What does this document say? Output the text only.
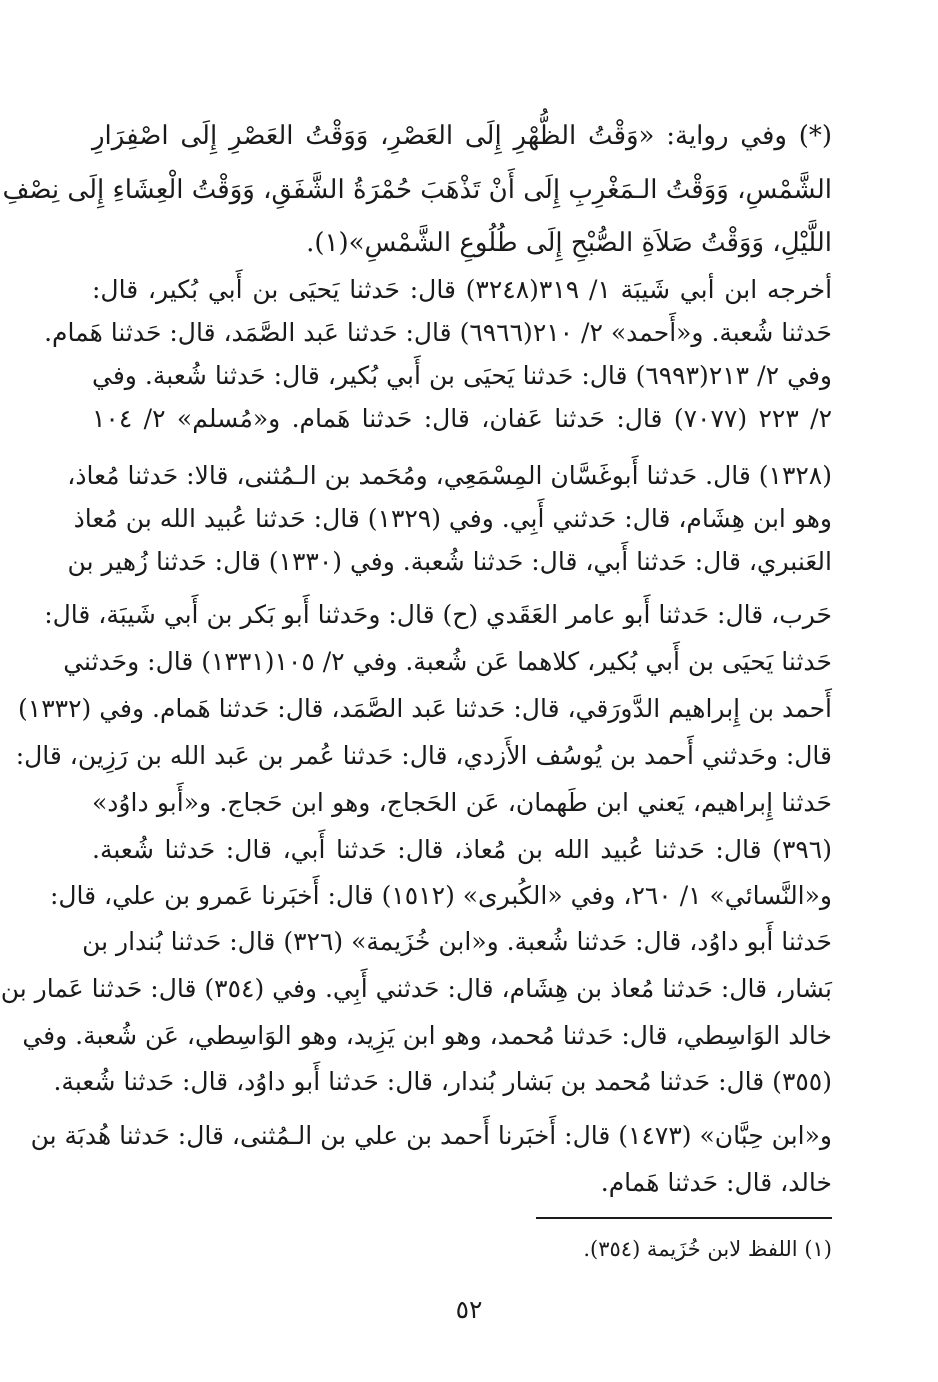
(*) وفي رواية: «وَقْتُ الظُّهْرِ إِلَى العَصْرِ، وَوَقْتُ العَصْرِ إِلَى اصْفِرَارِ
الشَّمْسِ، وَوَقْتُ الـمَغْرِبِ إِلَى أَنْ تَذْهَبَ حُمْرَةُ الشَّفَقِ، وَوَقْتُ الْعِشَاءِ إِلَى نِصْفِ
اللَّيْلِ، وَوَقْتُ صَلاَةِ الصُّبْحِ إِلَى طُلُوعِ الشَّمْسِ»(١).
أخرجه ابن أبي شَيبَة ١/ ٣١٩(٣٢٤٨) قال: حَدثنا يَحيَى بن أَبي بُكير، قال:
حَدثنا شُعبة. و«أَحمد» ٢/ ٢١٠(٦٩٦٦) قال: حَدثنا عَبد الصَّمَد، قال: حَدثنا هَمام.
وفي ٢/ ٢١٣(٦٩٩٣) قال: حَدثنا يَحيَى بن أَبي بُكير، قال: حَدثنا شُعبة. وفي
٢/ ٢٢٣ (٧٠٧٧) قال: حَدثنا عَفان، قال: حَدثنا هَمام. و«مُسلم» ٢/ ١٠٤
(١٣٢٨) قال. حَدثنا أَبوغَسَّان المِسْمَعِي، ومُحَمد بن الـمُثنى، قالا: حَدثنا مُعاذ،
وهو ابن هِشَام، قال: حَدثني أَبِي. وفي (١٣٢٩) قال: حَدثنا عُبيد الله بن مُعاذ
العَنبري، قال: حَدثنا أَبي، قال: حَدثنا شُعبة. وفي (١٣٣٠) قال: حَدثنا زُهير بن
حَرب، قال: حَدثنا أَبو عامر العَقَدي (ح) قال: وحَدثنا أَبو بَكر بن أَبي شَيبَة، قال:
حَدثنا يَحيَى بن أَبي بُكير، كلاهما عَن شُعبة. وفي ٢/ ١٠٥(١٣٣١) قال: وحَدثني
أَحمد بن إِبراهيم الدَّورَقي، قال: حَدثنا عَبد الصَّمَد، قال: حَدثنا هَمام. وفي (١٣٣٢)
قال: وحَدثني أَحمد بن يُوسُف الأَزدي، قال: حَدثنا عُمر بن عَبد الله بن رَزِين، قال:
حَدثنا إِبراهيم، يَعني ابن طَهمان، عَن الحَجاج، وهو ابن حَجاج. و«أَبو داوُد»
(٣٩٦) قال: حَدثنا عُبيد الله بن مُعاذ، قال: حَدثنا أَبي، قال: حَدثنا شُعبة.
و«النَّسائي» ١/ ٢٦٠، وفي «الكُبرى» (١٥١٢) قال: أَخبَرنا عَمرو بن علي، قال:
حَدثنا أَبو داوُد، قال: حَدثنا شُعبة. و«ابن خُزَيمة» (٣٢٦) قال: حَدثنا بُندار بن
بَشار، قال: حَدثنا مُعاذ بن هِشَام، قال: حَدثني أَبِي. وفي (٣٥٤) قال: حَدثنا عَمار بن
خالد الوَاسِطي، قال: حَدثنا مُحمد، وهو ابن يَزِيد، وهو الوَاسِطي، عَن شُعبة. وفي
(٣٥٥) قال: حَدثنا مُحمد بن بَشار بُندار، قال: حَدثنا أَبو داوُد، قال: حَدثنا شُعبة.
و«ابن حِبَّان» (١٤٧٣) قال: أَخبَرنا أَحمد بن علي بن الـمُثنى، قال: حَدثنا هُدبَة بن
خالد، قال: حَدثنا هَمام.
(١) اللفظ لابن خُزَيمة (٣٥٤).
٥٢
